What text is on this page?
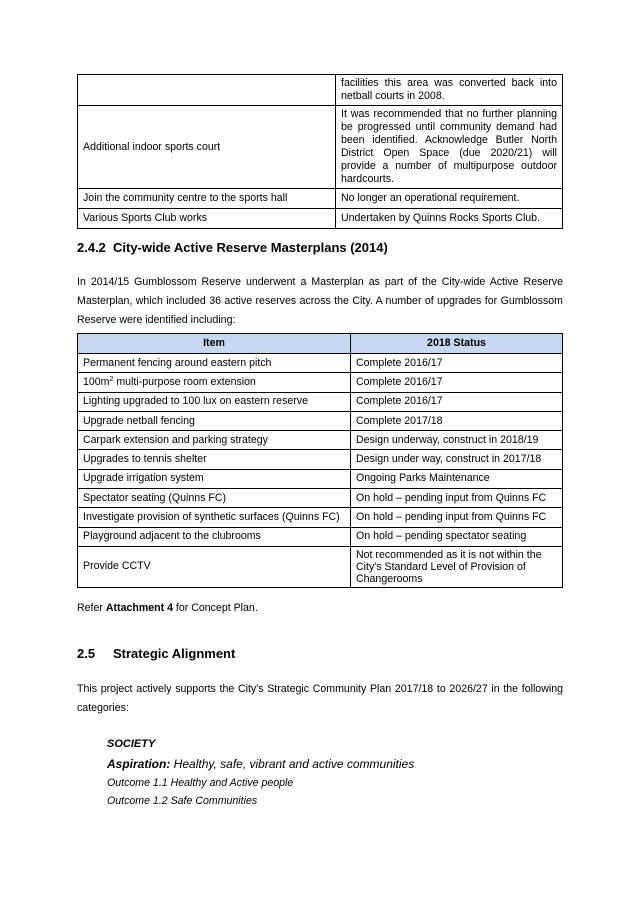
	facilities this area was converted back into netball courts in 2008.
Additional indoor sports court	It was recommended that no further planning be progressed until community demand had been identified. Acknowledge Butler North District Open Space (due 2020/21) will provide a number of multipurpose outdoor hardcourts.
Join the community centre to the sports hall	No longer an operational requirement.
Various Sports Club works	Undertaken by Quinns Rocks Sports Club.
2.4.2 City-wide Active Reserve Masterplans (2014)
In 2014/15 Gumblossom Reserve underwent a Masterplan as part of the City-wide Active Reserve Masterplan, which included 36 active reserves across the City. A number of upgrades for Gumblossom Reserve were identified including:
Item	2018 Status
Permanent fencing around eastern pitch	Complete 2016/17
$100m^2$ multi-purpose room extension	Complete 2016/17
Lighting upgraded to 100 lux on eastern reserve	Complete 2016/17
Upgrade netball fencing	Complete 2017/18
Carpark extension and parking strategy	Design underway, construct in 2018/19
Upgrades to tennis shelter	Design under way, construct in 2017/18
Upgrade irrigation system	Ongoing Parks Maintenance
Spectator seating (Quinns FC)	On hold – pending input from Quinns FC
Investigate provision of synthetic surfaces (Quinns FC)	On hold – pending input from Quinns FC
Playground adjacent to the clubrooms	On hold – pending spectator seating
Provide CCTV	Not recommended as it is not within the City's Standard Level of Provision of Changerooms
Refer Attachment 4 for Concept Plan.
2.5 Strategic Alignment
This project actively supports the City's Strategic Community Plan 2017/18 to 2026/27 in the following categories:
SOCIETY
Aspiration: Healthy, safe, vibrant and active communities
Outcome 1.1 Healthy and Active people
Outcome 1.2 Safe Communities
